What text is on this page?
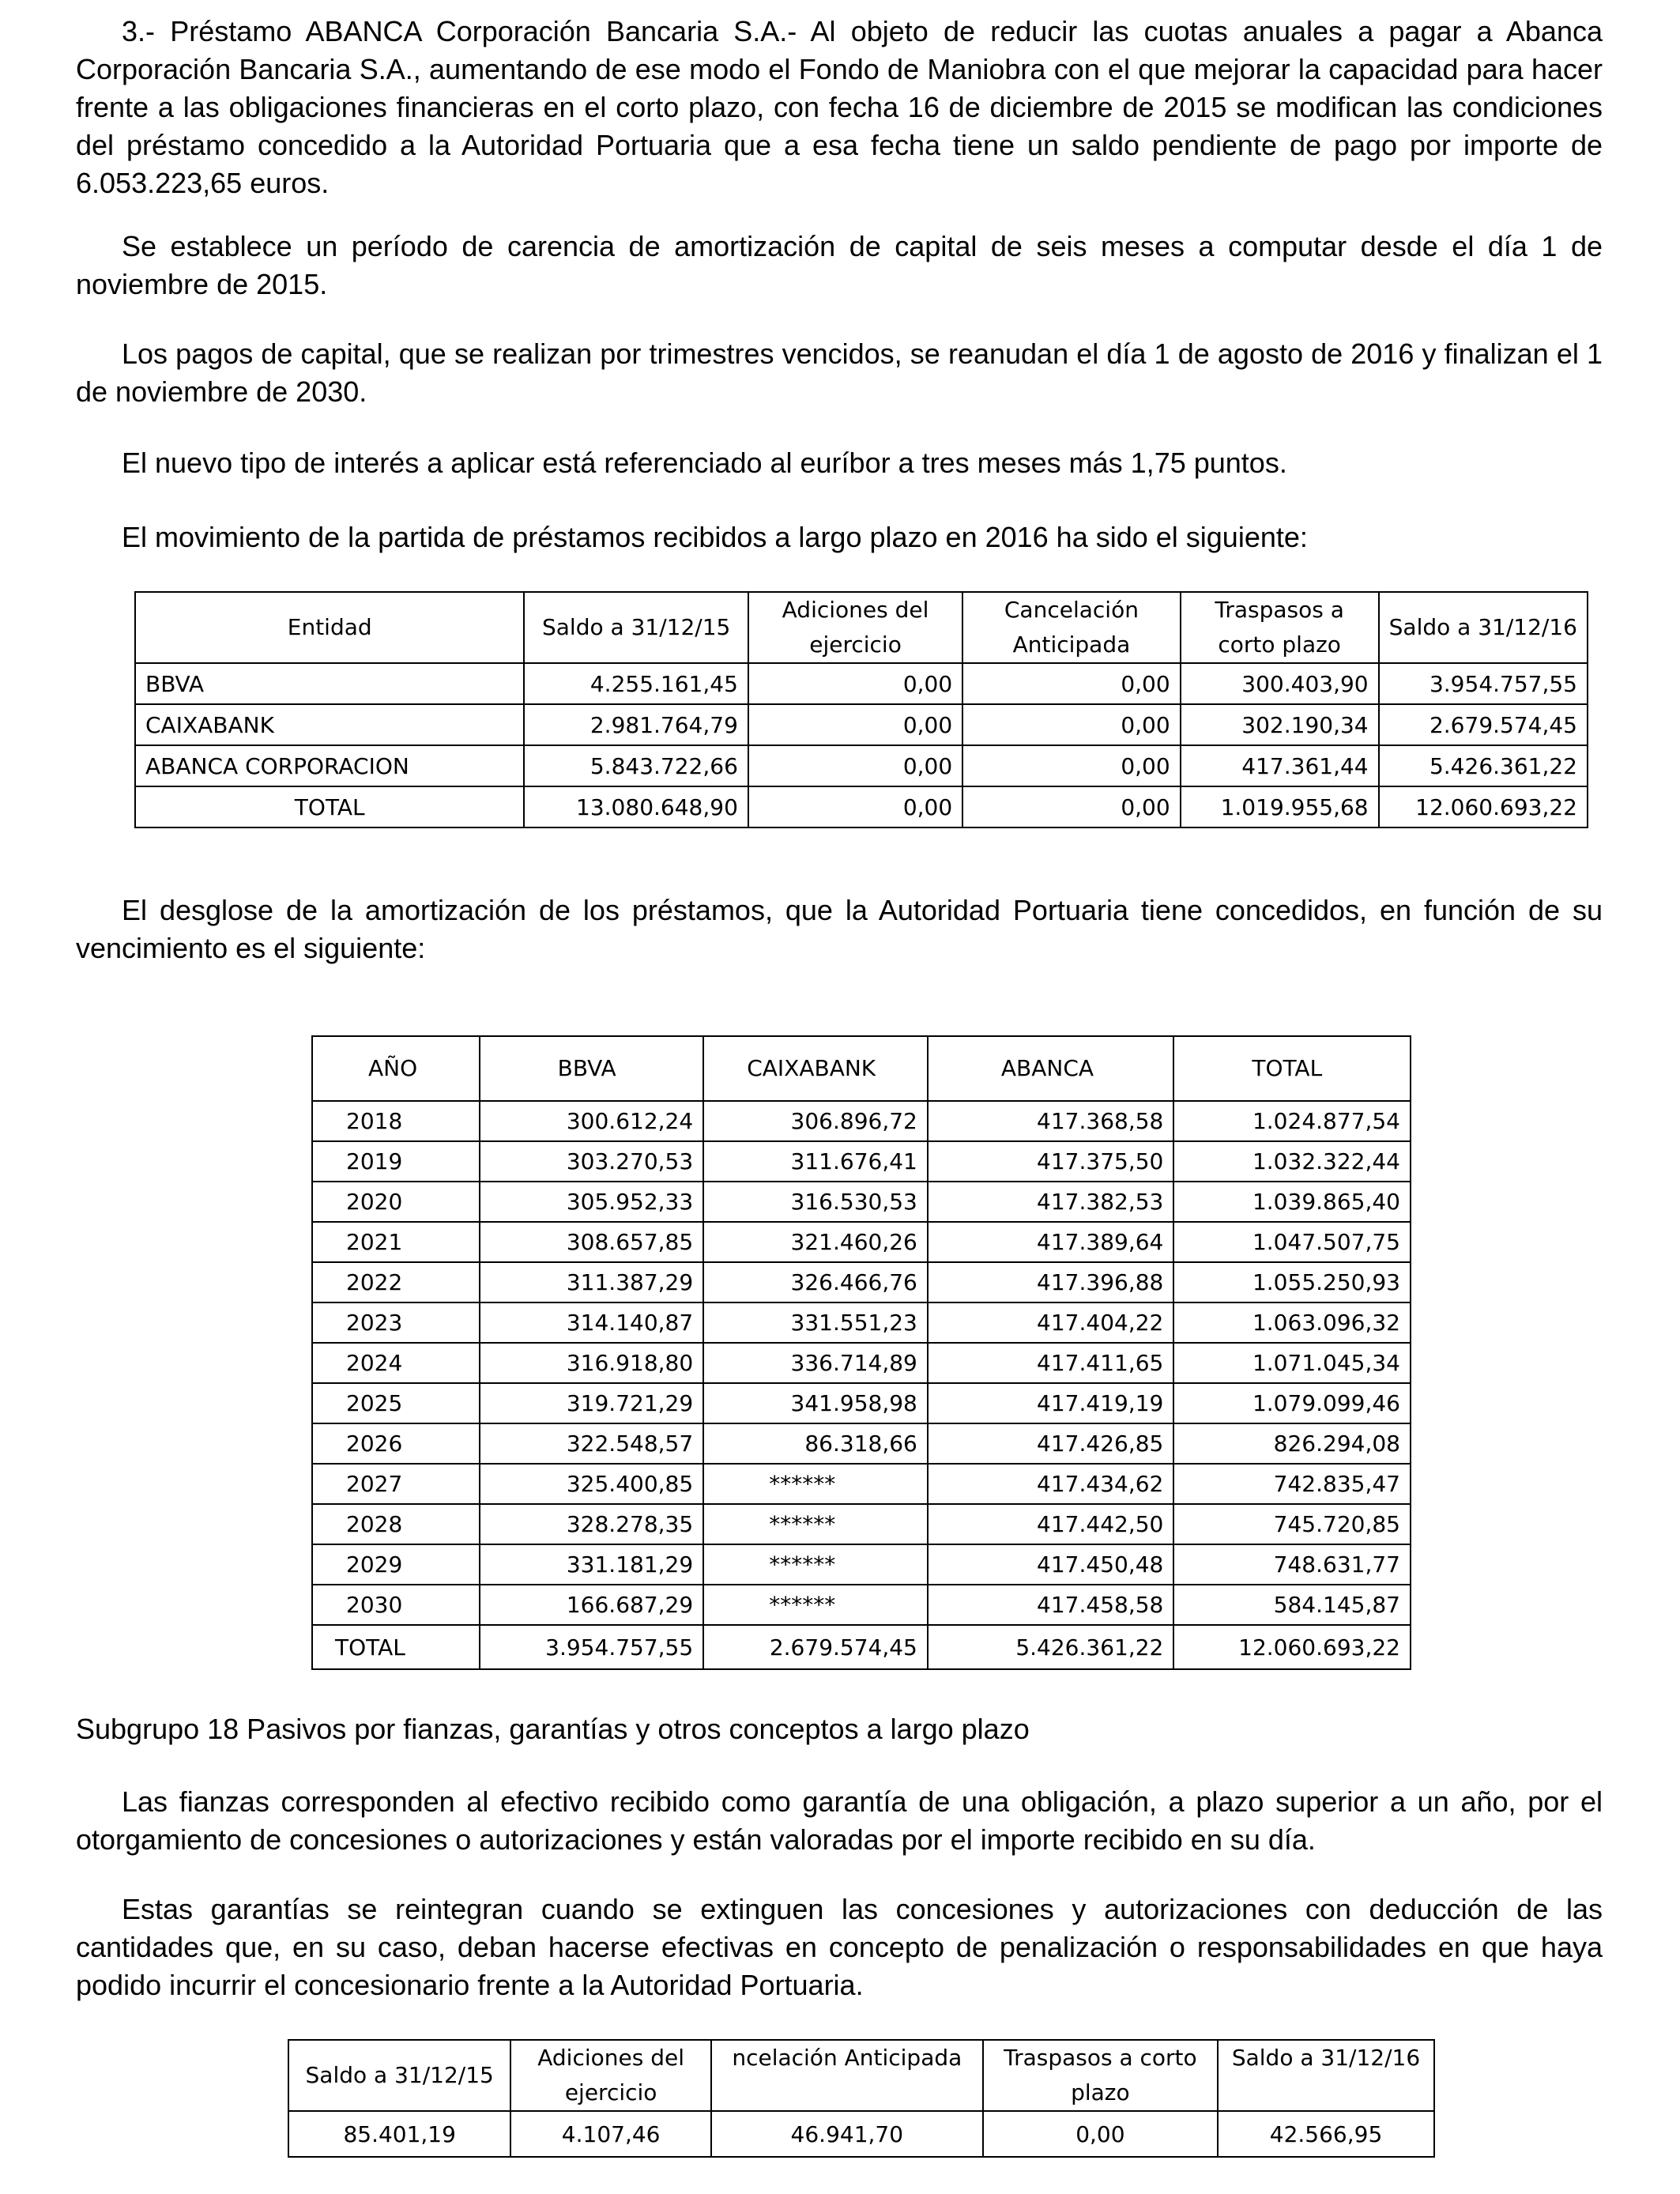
3.- Préstamo ABANCA Corporación Bancaria S.A.- Al objeto de reducir las cuotas anuales a pagar a Abanca Corporación Bancaria S.A., aumentando de ese modo el Fondo de Maniobra con el que mejorar la capacidad para hacer frente a las obligaciones financieras en el corto plazo, con fecha 16 de diciembre de 2015 se modifican las condiciones del préstamo concedido a la Autoridad Portuaria que a esa fecha tiene un saldo pendiente de pago por importe de 6.053.223,65 euros.

Se establece un período de carencia de amortización de capital de seis meses a computar desde el día 1 de noviembre de 2015.

Los pagos de capital, que se realizan por trimestres vencidos, se reanudan el día 1 de agosto de 2016 y finalizan el 1 de noviembre de 2030.

El nuevo tipo de interés a aplicar está referenciado al euríbor a tres meses más 1,75 puntos.

El movimiento de la partida de préstamos recibidos a largo plazo en 2016 ha sido el siguiente:

Entidad	Saldo a 31/12/15	Adiciones del ejercicio	Cancelación Anticipada	Traspasos a corto plazo	Saldo a 31/12/16
BBVA	4.255.161,45	0,00	0,00	300.403,90	3.954.757,55
CAIXABANK	2.981.764,79	0,00	0,00	302.190,34	2.679.574,45
ABANCA CORPORACION	5.843.722,66	0,00	0,00	417.361,44	5.426.361,22
TOTAL	13.080.648,90	0,00	0,00	1.019.955,68	12.060.693,22

El desglose de la amortización de los préstamos, que la Autoridad Portuaria tiene concedidos, en función de su vencimiento es el siguiente:

AÑO	BBVA	CAIXABANK	ABANCA	TOTAL
2018	300.612,24	306.896,72	417.368,58	1.024.877,54
2019	303.270,53	311.676,41	417.375,50	1.032.322,44
2020	305.952,33	316.530,53	417.382,53	1.039.865,40
2021	308.657,85	321.460,26	417.389,64	1.047.507,75
2022	311.387,29	326.466,76	417.396,88	1.055.250,93
2023	314.140,87	331.551,23	417.404,22	1.063.096,32
2024	316.918,80	336.714,89	417.411,65	1.071.045,34
2025	319.721,29	341.958,98	417.419,19	1.079.099,46
2026	322.548,57	86.318,66	417.426,85	826.294,08
2027	325.400,85	******	417.434,62	742.835,47
2028	328.278,35	******	417.442,50	745.720,85
2029	331.181,29	******	417.450,48	748.631,77
2030	166.687,29	******	417.458,58	584.145,87
TOTAL	3.954.757,55	2.679.574,45	5.426.361,22	12.060.693,22

Subgrupo 18 Pasivos por fianzas, garantías y otros conceptos a largo plazo

Las fianzas corresponden al efectivo recibido como garantía de una obligación, a plazo superior a un año, por el otorgamiento de concesiones o autorizaciones y están valoradas por el importe recibido en su día.

Estas garantías se reintegran cuando se extinguen las concesiones y autorizaciones con deducción de las cantidades que, en su caso, deban hacerse efectivas en concepto de penalización o responsabilidades en que haya podido incurrir el concesionario frente a la Autoridad Portuaria.

Saldo a 31/12/15	Adiciones del ejercicio	ncelación Anticipada	Traspasos a corto plazo	Saldo a 31/12/16
85.401,19	4.107,46	46.941,70	0,00	42.566,95
